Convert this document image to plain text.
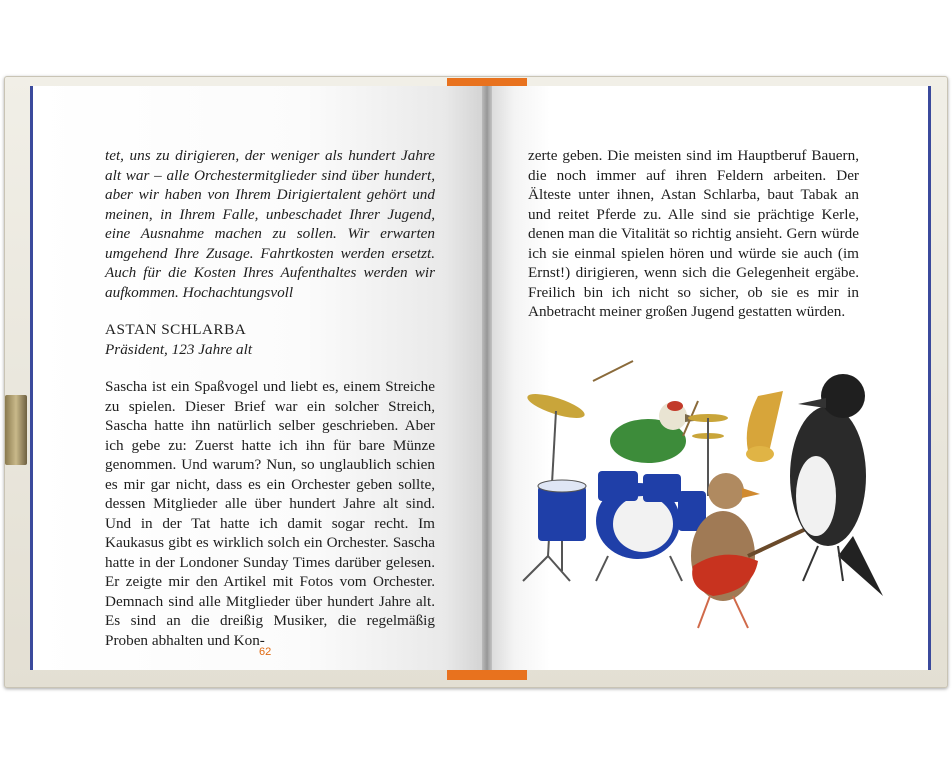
tet, uns zu dirigieren, der weniger als hundert Jahre alt war – alle Orchestermitglieder sind über hundert, aber wir haben von Ihrem Dirigiertalent gehört und meinen, in Ihrem Falle, unbeschadet Ihrer Jugend, eine Ausnahme machen zu sollen. Wir erwarten umgehend Ihre Zusage. Fahrtkosten werden ersetzt. Auch für die Kosten Ihres Aufenthaltes werden wir aufkommen. Hochachtungsvoll

ASTAN SCHLARBA

Präsident, 123 Jahre alt

Sascha ist ein Spaßvogel und liebt es, einem Streiche zu spielen. Dieser Brief war ein solcher Streich, Sascha hatte ihn natürlich selber geschrieben. Aber ich gebe zu: Zuerst hatte ich ihn für bare Münze genommen. Und warum? Nun, so unglaublich schien es mir gar nicht, dass es ein Orchester geben sollte, dessen Mitglieder alle über hundert Jahre alt sind. Und in der Tat hatte ich damit sogar recht. Im Kaukasus gibt es wirklich solch ein Orchester. Sascha hatte in der Londoner Sunday Times darüber gelesen. Er zeigte mir den Artikel mit Fotos vom Orchester. Demnach sind alle Mitglieder über hundert Jahre alt. Es sind an die dreißig Musiker, die regelmäßig Proben abhalten und Kon-

62
zerte geben. Die meisten sind im Hauptberuf Bauern, die noch immer auf ihren Feldern arbeiten. Der Älteste unter ihnen, Astan Schlarba, baut Tabak an und reitet Pferde zu. Alle sind sie prächtige Kerle, denen man die Vitalität so richtig ansieht. Gern würde ich sie einmal spielen hören und würde sie auch (im Ernst!) dirigieren, wenn sich die Gelegenheit ergäbe. Freilich bin ich nicht so sicher, ob sie es mir in Anbetracht meiner großen Jugend gestatten würden.
